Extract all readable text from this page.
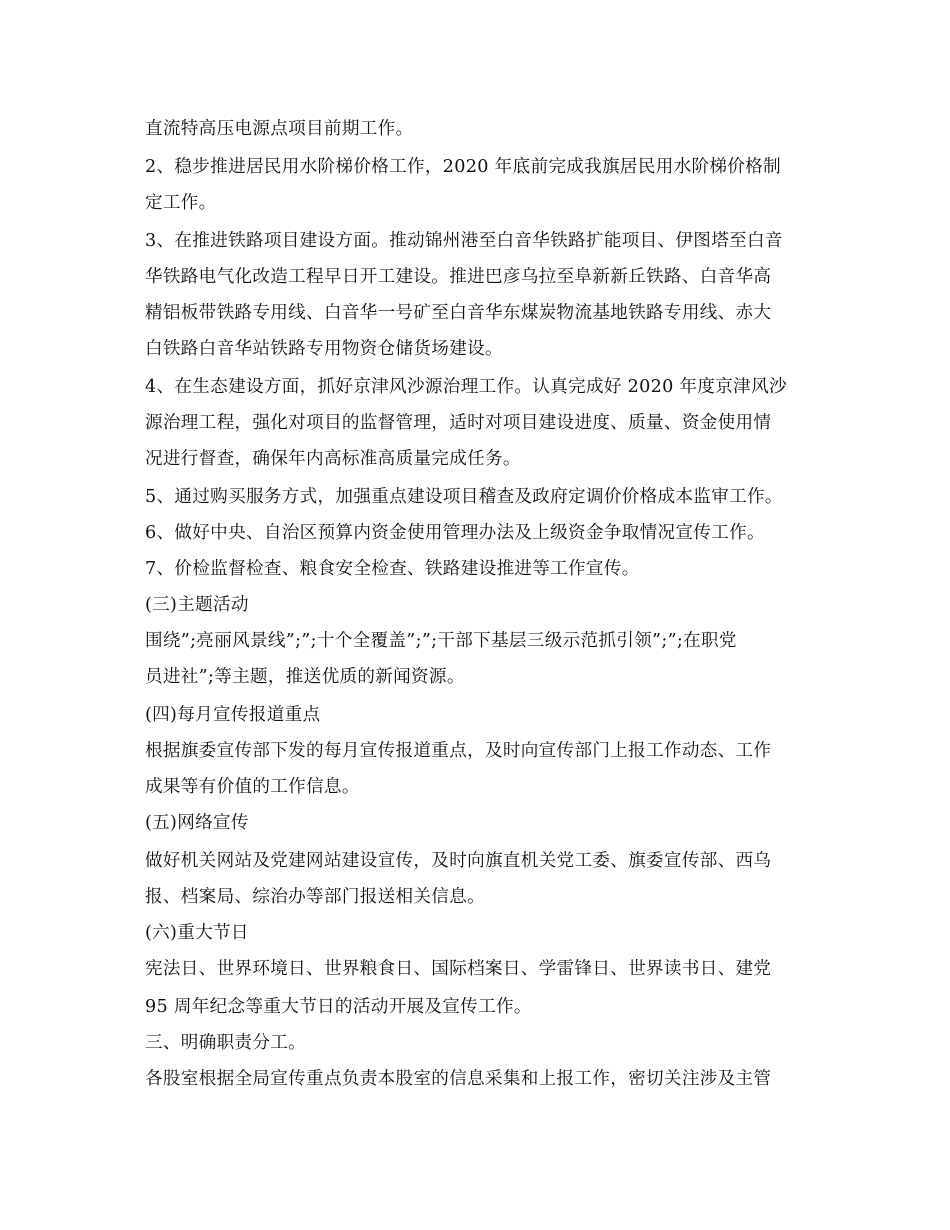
直流特高压电源点项目前期工作。
2、稳步推进居民用水阶梯价格工作，2020 年底前完成我旗居民用水阶梯价格制
定工作。
3、在推进铁路项目建设方面。推动锦州港至白音华铁路扩能项目、伊图塔至白音
华铁路电气化改造工程早日开工建设。推进巴彦乌拉至阜新新丘铁路、白音华高
精铝板带铁路专用线、白音华一号矿至白音华东煤炭物流基地铁路专用线、赤大
白铁路白音华站铁路专用物资仓储货场建设。
4、在生态建设方面，抓好京津风沙源治理工作。认真完成好 2020 年度京津风沙
源治理工程，强化对项目的监督管理，适时对项目建设进度、质量、资金使用情
况进行督查，确保年内高标准高质量完成任务。
5、通过购买服务方式，加强重点建设项目稽查及政府定调价价格成本监审工作。
6、做好中央、自治区预算内资金使用管理办法及上级资金争取情况宣传工作。
7、价检监督检查、粮食安全检查、铁路建设推进等工作宣传。
(三)主题活动
围绕”;亮丽风景线”;”;十个全覆盖”;”;干部下基层三级示范抓引领”;”;在职党
员进社”;等主题，推送优质的新闻资源。
(四)每月宣传报道重点
根据旗委宣传部下发的每月宣传报道重点，及时向宣传部门上报工作动态、工作
成果等有价值的工作信息。
(五)网络宣传
做好机关网站及党建网站建设宣传，及时向旗直机关党工委、旗委宣传部、西乌
报、档案局、综治办等部门报送相关信息。
(六)重大节日
宪法日、世界环境日、世界粮食日、国际档案日、学雷锋日、世界读书日、建党
95 周年纪念等重大节日的活动开展及宣传工作。
三、明确职责分工。
各股室根据全局宣传重点负责本股室的信息采集和上报工作，密切关注涉及主管
